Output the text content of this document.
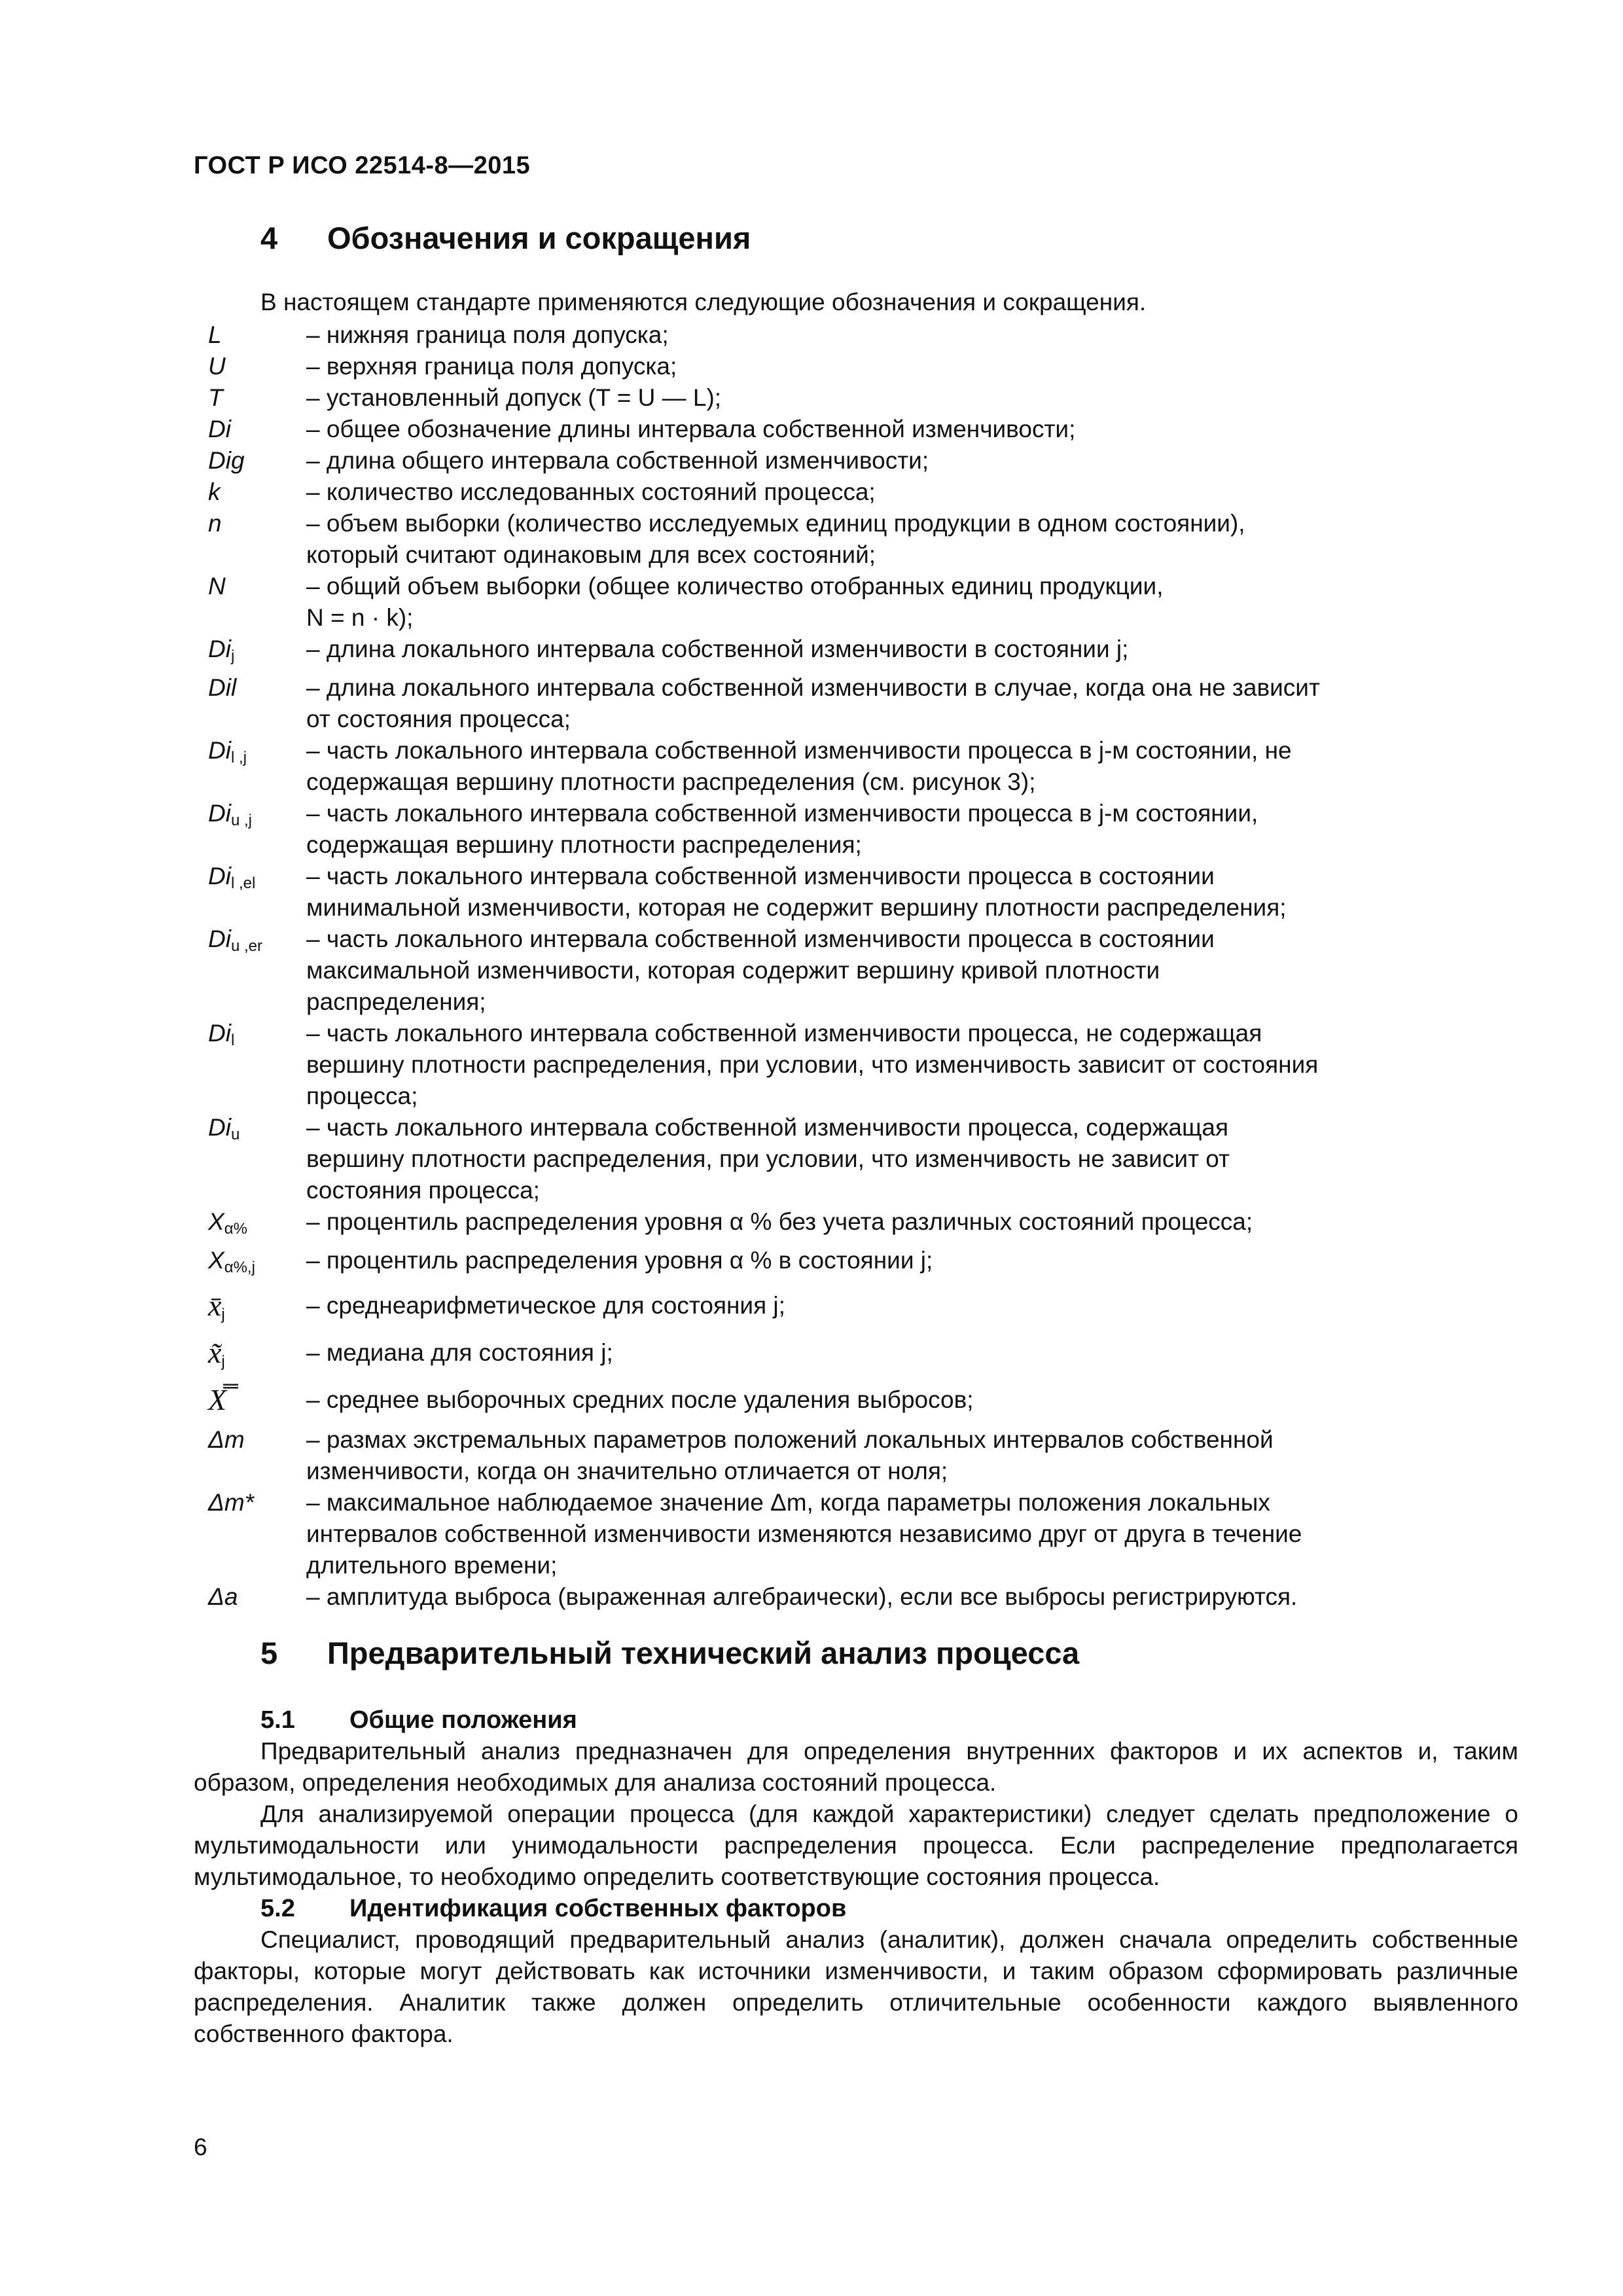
ГОСТ Р ИСО 22514-8—2015
4 Обозначения и сокращения
В настоящем стандарте применяются следующие обозначения и сокращения.
L	– нижняя граница поля допуска;
U	– верхняя граница поля допуска;
T	– установленный допуск (T = U — L);
Di	– общее обозначение длины интервала собственной изменчивости;
Dig	– длина общего интервала собственной изменчивости;
k	– количество исследованных состояний процесса;
n	– объем выборки (количество исследуемых единиц продукции в одном состоянии),
который считают одинаковым для всех состояний;
N	– общий объем выборки (общее количество отобранных единиц продукции,
N = n · k);
$Di_j$	– длина локального интервала собственной изменчивости в состоянии j;
Dil	– длина локального интервала собственной изменчивости в случае, когда она не зависит
от состояния процесса;
$Di_{l ,j}$	– часть локального интервала собственной изменчивости процесса в j-м состоянии, не
содержащая вершину плотности распределения (см. рисунок 3);
$Di_{u ,j}$	– часть локального интервала собственной изменчивости процесса в j-м состоянии,
содержащая вершину плотности распределения;
$Di_{l ,el}$	– часть локального интервала собственной изменчивости процесса в состоянии
минимальной изменчивости, которая не содержит вершину плотности распределения;
$Di_{u ,er}$	– часть локального интервала собственной изменчивости процесса в состоянии
максимальной изменчивости, которая содержит вершину кривой плотности
распределения;
$Di_l$	– часть локального интервала собственной изменчивости процесса, не содержащая
вершину плотности распределения, при условии, что изменчивость зависит от состояния
процесса;
$Di_u$	– часть локального интервала собственной изменчивости процесса, содержащая
вершину плотности распределения, при условии, что изменчивость не зависит от
состояния процесса;
$X_{\alpha\%}$	– процентиль распределения уровня α % без учета различных состояний процесса;
$X_{\alpha\%,j}$	– процентиль распределения уровня α % в состоянии j;
$x̄_j$	– среднеарифметическое для состояния j;
$x̃_j$	– медиана для состояния j;
X̿	– среднее выборочных средних после удаления выбросов;
Δm	– размах экстремальных параметров положений локальных интервалов собственной
изменчивости, когда он значительно отличается от ноля;
Δm*	– максимальное наблюдаемое значение Δm, когда параметры положения локальных
интервалов собственной изменчивости изменяются независимо друг от друга в течение
длительного времени;
Δa	– амплитуда выброса (выраженная алгебраически), если все выбросы регистрируются.
5 Предварительный технический анализ процесса
5.1 Общие положения

Предварительный анализ предназначен для определения внутренних факторов и их аспектов и, таким образом, определения необходимых для анализа состояний процесса.

Для анализируемой операции процесса (для каждой характеристики) следует сделать предположение о мультимодальности или унимодальности распределения процесса. Если распределение предполагается мультимодальное, то необходимо определить соответствующие состояния процесса.

5.2 Идентификация собственных факторов

Специалист, проводящий предварительный анализ (аналитик), должен сначала определить собственные факторы, которые могут действовать как источники изменчивости, и таким образом сформировать различные распределения. Аналитик также должен определить отличительные особенности каждого выявленного собственного фактора.

6
